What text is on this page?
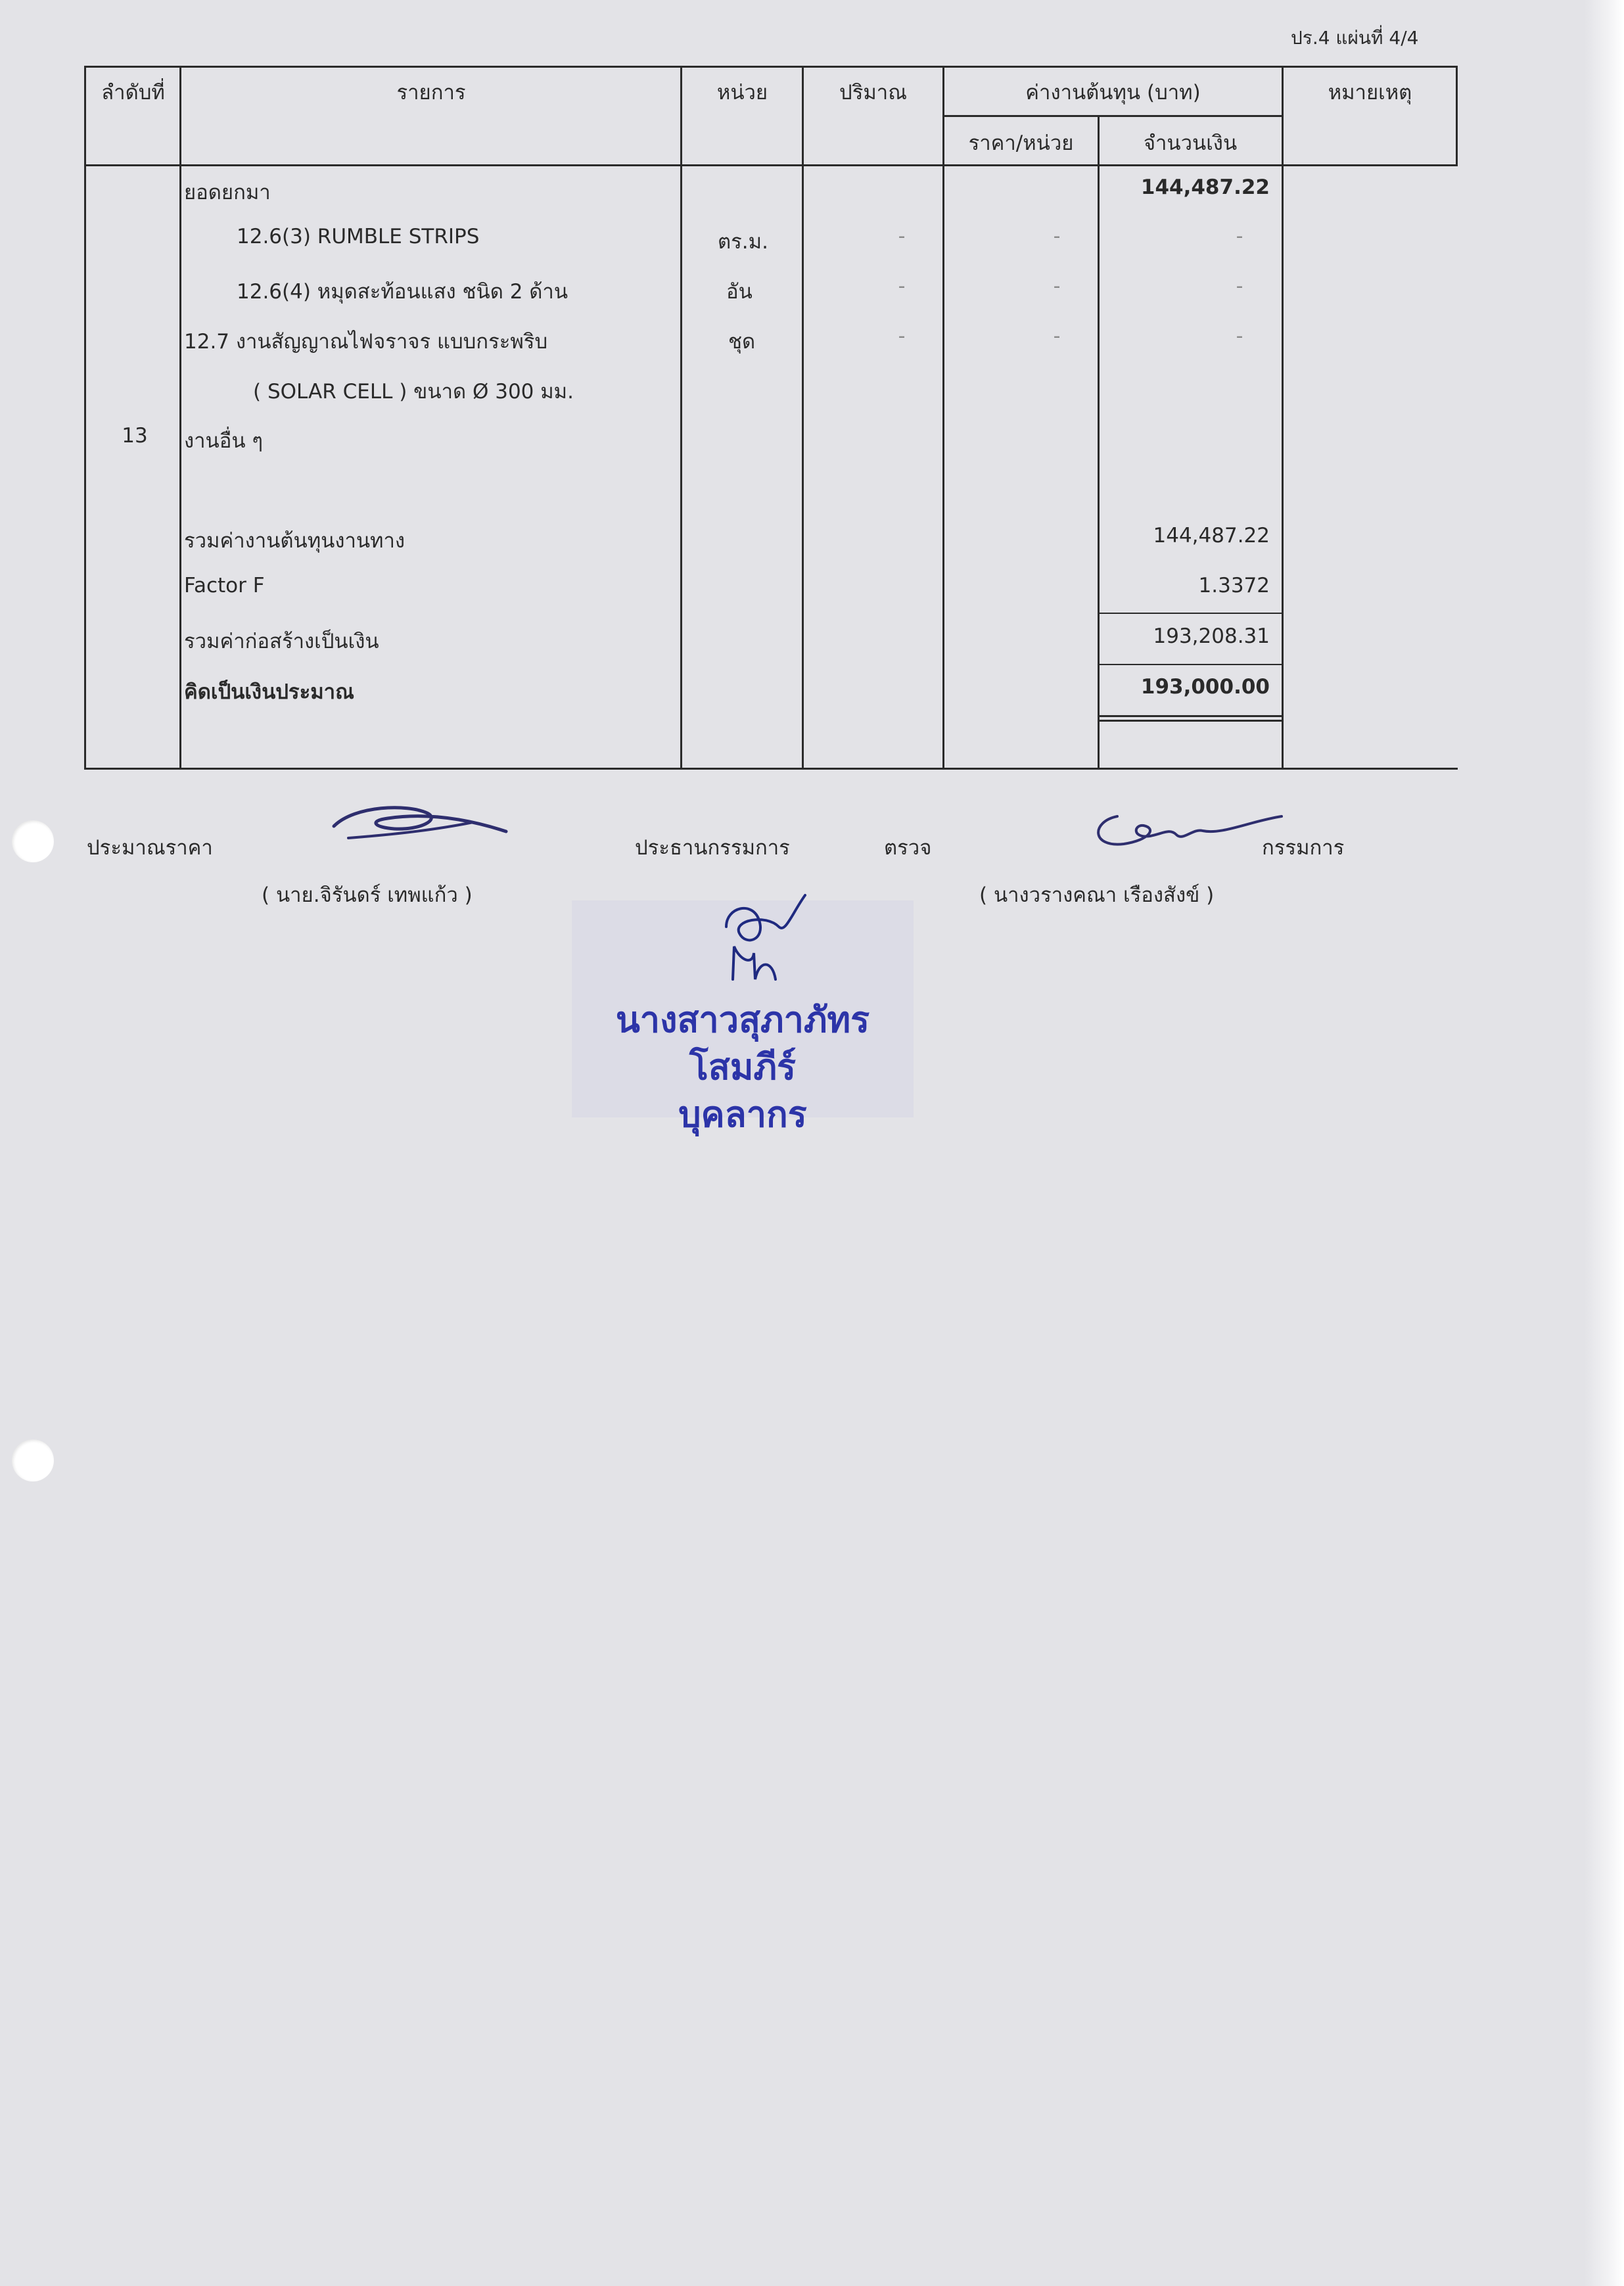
ปร.4 แผ่นที่ 4/4
ลำดับที่	รายการ	หน่วย	ปริมาณ	ค่างานต้นทุน (บาท)	หมายเหตุ
ราคา/หน่วย	จำนวนเงิน
ยอดยกมา	144,487.22
12.6(3) RUMBLE STRIPS	ตร.ม.	-	-	-
12.6(4) หมุดสะท้อนแสง ชนิด 2 ด้าน	อัน	-	-	-
12.7 งานสัญญาณไฟจราจร แบบกระพริบ	ชุด	-	-	-
( SOLAR CELL ) ขนาด Ø 300 มม.
13	งานอื่น ๆ
รวมค่างานต้นทุนงานทาง	144,487.22
Factor F	1.3372
รวมค่าก่อสร้างเป็นเงิน	193,208.31
คิดเป็นเงินประมาณ	193,000.00
ประมาณราคา
( นาย.จิรันดร์ เทพแก้ว )
ประธานกรรมการ	ตรวจ	กรรมการ
( นางวรางคณา เรืองสังข์ )
นางสาวสุภาภัทร โสมภีร์
บุคลากร
